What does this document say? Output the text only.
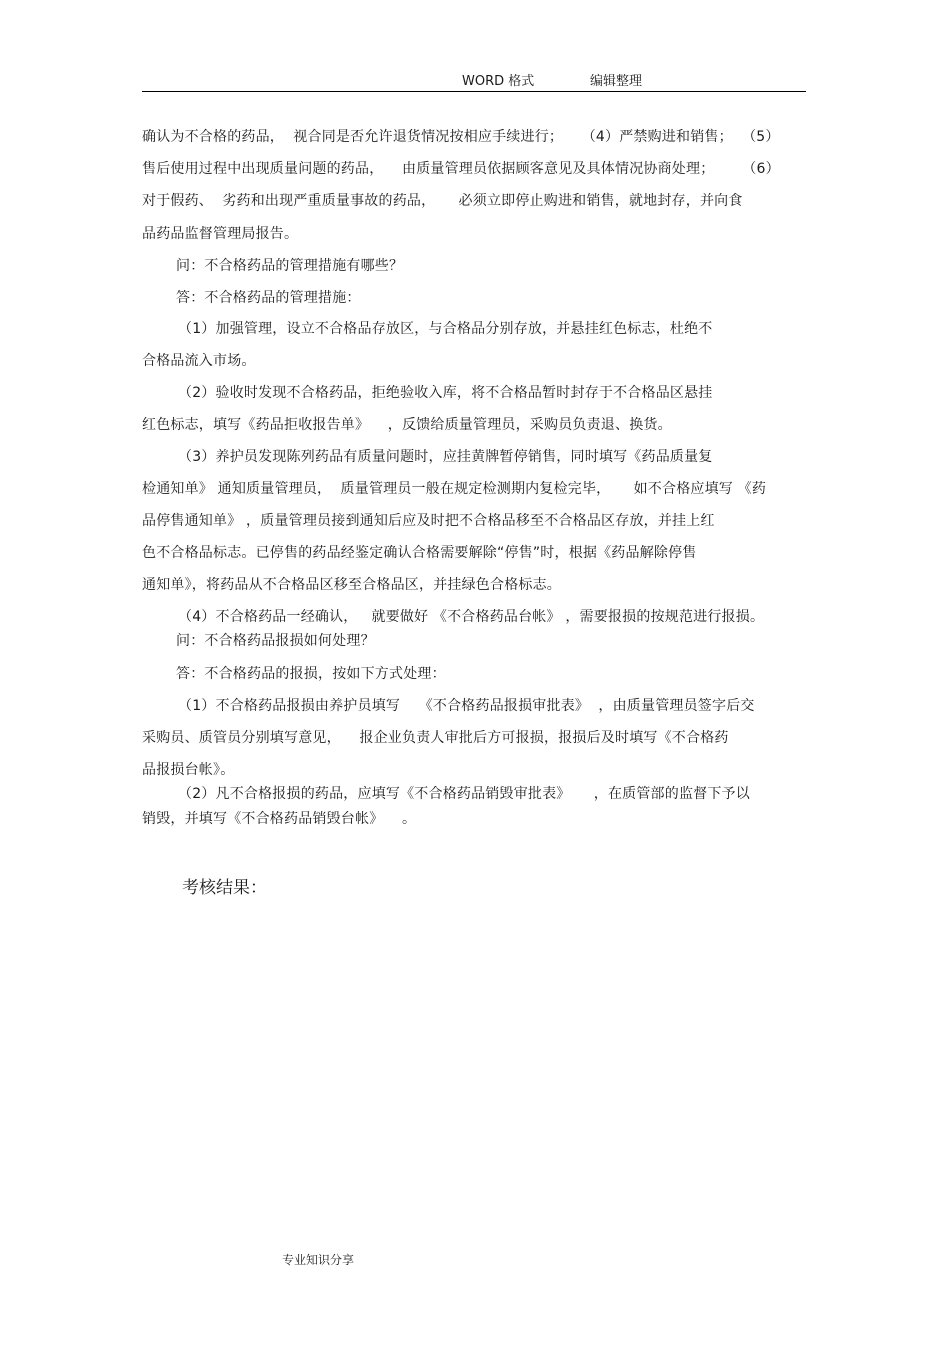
WORD 格式	编辑整理
确认为不合格的药品，  视合同是否允许退货情况按相应手续进行；    （4）严禁购进和销售；  （5）
售后使用过程中出现质量问题的药品，    由质量管理员依据顾客意见及具体情况协商处理；      （6）
对于假药、  劣药和出现严重质量事故的药品，     必须立即停止购进和销售，就地封存，并向食
品药品监督管理局报告。
问：不合格药品的管理措施有哪些？
答：不合格药品的管理措施：
（1）加强管理，设立不合格品存放区，与合格品分别存放，并悬挂红色标志，杜绝不
合格品流入市场。
（2）验收时发现不合格药品，拒绝验收入库，将不合格品暂时封存于不合格品区悬挂
红色标志，填写《药品拒收报告单》    ，反馈给质量管理员，采购员负责退、换货。
（3）养护员发现陈列药品有质量问题时，应挂黄牌暂停销售，同时填写《药品质量复
检通知单》 通知质量管理员，  质量管理员一般在规定检测期内复检完毕，     如不合格应填写 《药
品停售通知单》 ，质量管理员接到通知后应及时把不合格品移至不合格品区存放，并挂上红
色不合格品标志。已停售的药品经鉴定确认合格需要解除“停售”时，根据《药品解除停售
通知单》，将药品从不合格品区移至合格品区，并挂绿色合格标志。
（4）不合格药品一经确认，   就要做好 《不合格药品台帐》 ，需要报损的按规范进行报损。
问：不合格药品报损如何处理？
答：不合格药品的报损，按如下方式处理：
（1）不合格药品报损由养护员填写    《不合格药品报损审批表》  ，由质量管理员签字后交
采购员、质管员分别填写意见，    报企业负责人审批后方可报损，报损后及时填写《不合格药
品报损台帐》。
（2）凡不合格报损的药品，应填写《不合格药品销毁审批表》     ，在质管部的监督下予以
销毁，并填写《不合格药品销毁台帐》    。
考核结果：
专业知识分享
